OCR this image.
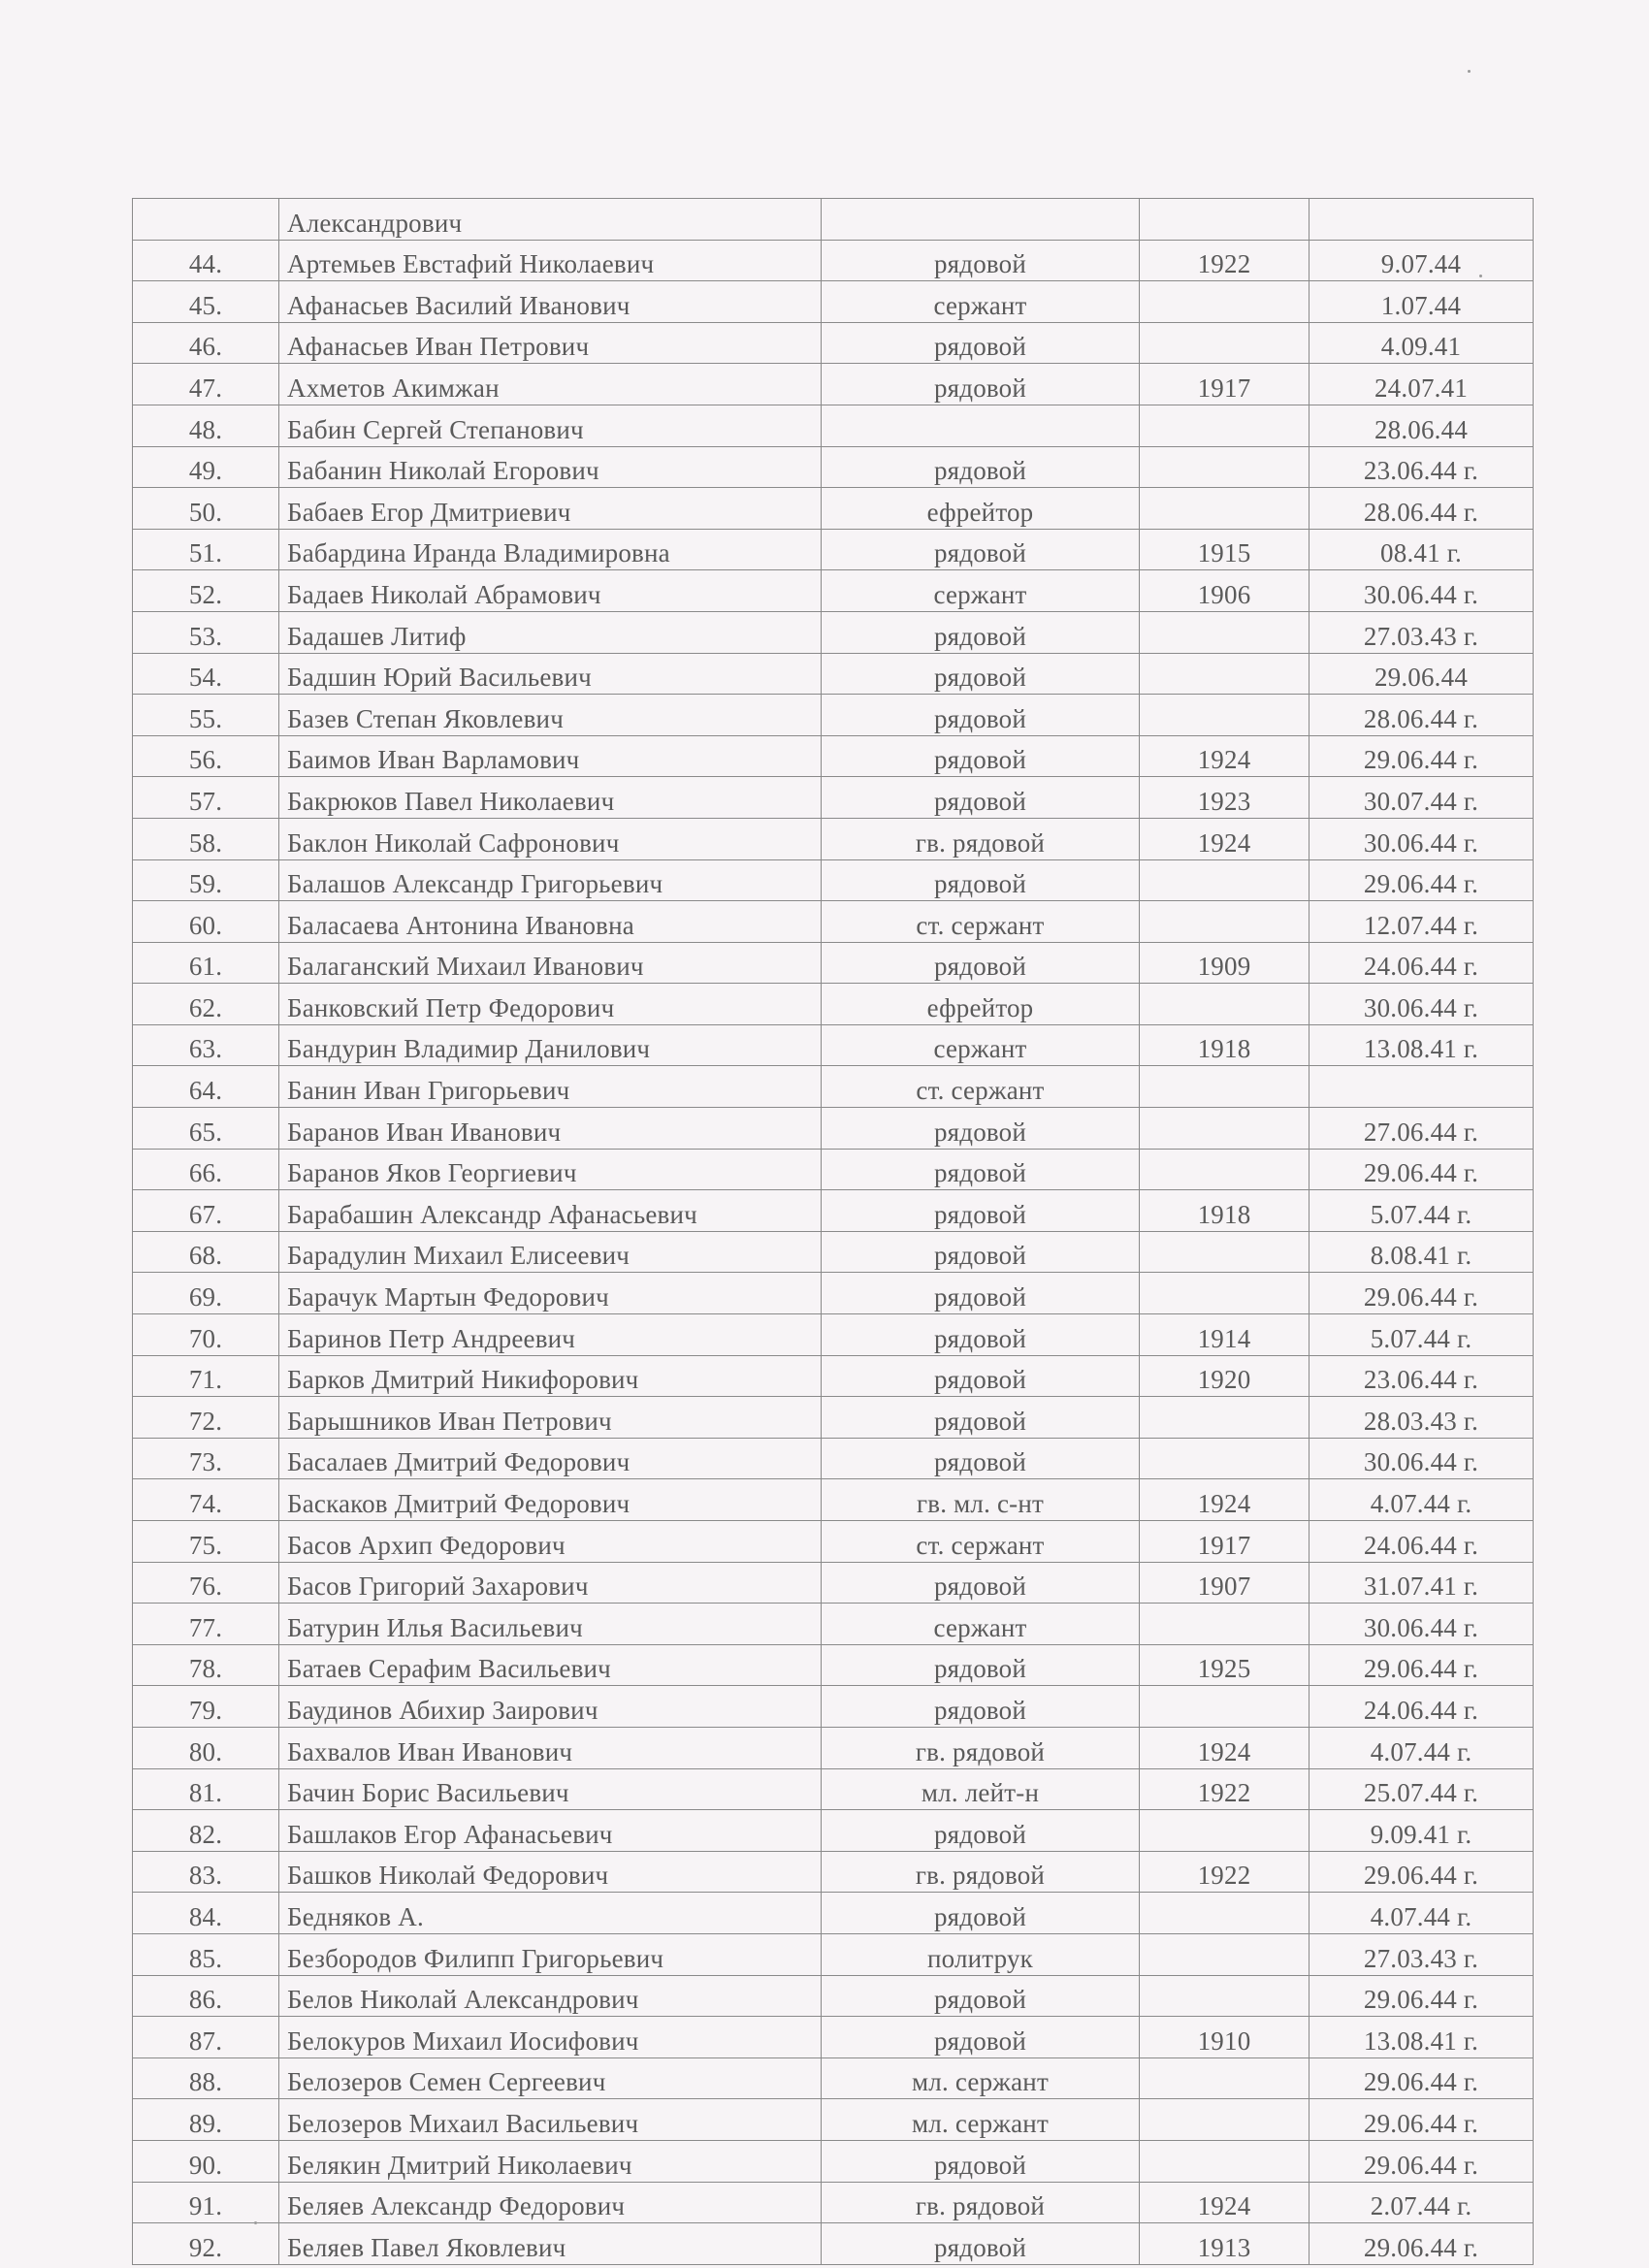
	Александрович			
44.	Артемьев Евстафий Николаевич	рядовой	1922	9.07.44
45.	Афанасьев Василий Иванович	сержант		1.07.44
46.	Афанасьев Иван Петрович	рядовой		4.09.41
47.	Ахметов Акимжан	рядовой	1917	24.07.41
48.	Бабин Сергей Степанович			28.06.44
49.	Бабанин Николай Егорович	рядовой		23.06.44 г.
50.	Бабаев Егор Дмитриевич	ефрейтор		28.06.44 г.
51.	Бабардина Иранда Владимировна	рядовой	1915	08.41 г.
52.	Бадаев Николай Абрамович	сержант	1906	30.06.44 г.
53.	Бадашев Литиф	рядовой		27.03.43 г.
54.	Бадшин Юрий Васильевич	рядовой		29.06.44
55.	Базев Степан Яковлевич	рядовой		28.06.44 г.
56.	Баимов Иван Варламович	рядовой	1924	29.06.44 г.
57.	Бакрюков Павел Николаевич	рядовой	1923	30.07.44 г.
58.	Баклон Николай Сафронович	гв. рядовой	1924	30.06.44 г.
59.	Балашов Александр Григорьевич	рядовой		29.06.44 г.
60.	Баласаева Антонина Ивановна	ст. сержант		12.07.44 г.
61.	Балаганский Михаил Иванович	рядовой	1909	24.06.44 г.
62.	Банковский Петр Федорович	ефрейтор		30.06.44 г.
63.	Бандурин Владимир Данилович	сержант	1918	13.08.41 г.
64.	Банин Иван Григорьевич	ст. сержант		
65.	Баранов Иван Иванович	рядовой		27.06.44 г.
66.	Баранов Яков Георгиевич	рядовой		29.06.44 г.
67.	Барабашин Александр Афанасьевич	рядовой	1918	5.07.44 г.
68.	Барадулин Михаил Елисеевич	рядовой		8.08.41 г.
69.	Барачук Мартын Федорович	рядовой		29.06.44 г.
70.	Баринов Петр Андреевич	рядовой	1914	5.07.44 г.
71.	Барков Дмитрий Никифорович	рядовой	1920	23.06.44 г.
72.	Барышников Иван Петрович	рядовой		28.03.43 г.
73.	Басалаев Дмитрий Федорович	рядовой		30.06.44 г.
74.	Баскаков Дмитрий Федорович	гв. мл. с-нт	1924	4.07.44 г.
75.	Басов Архип Федорович	ст. сержант	1917	24.06.44 г.
76.	Басов Григорий Захарович	рядовой	1907	31.07.41 г.
77.	Батурин Илья Васильевич	сержант		30.06.44 г.
78.	Батаев Серафим Васильевич	рядовой	1925	29.06.44 г.
79.	Баудинов Абихир Заирович	рядовой		24.06.44 г.
80.	Бахвалов Иван Иванович	гв. рядовой	1924	4.07.44 г.
81.	Бачин Борис Васильевич	мл. лейт-н	1922	25.07.44 г.
82.	Башлаков Егор Афанасьевич	рядовой		9.09.41 г.
83.	Башков Николай Федорович	гв. рядовой	1922	29.06.44 г.
84.	Бедняков А.	рядовой		4.07.44 г.
85.	Безбородов Филипп Григорьевич	политрук		27.03.43 г.
86.	Белов Николай Александрович	рядовой		29.06.44 г.
87.	Белокуров Михаил Иосифович	рядовой	1910	13.08.41 г.
88.	Белозеров Семен Сергеевич	мл. сержант		29.06.44 г.
89.	Белозеров Михаил Васильевич	мл. сержант		29.06.44 г.
90.	Белякин Дмитрий Николаевич	рядовой		29.06.44 г.
91.	Беляев Александр Федорович	гв. рядовой	1924	2.07.44 г.
92.	Беляев Павел Яковлевич	рядовой	1913	29.06.44 г.
